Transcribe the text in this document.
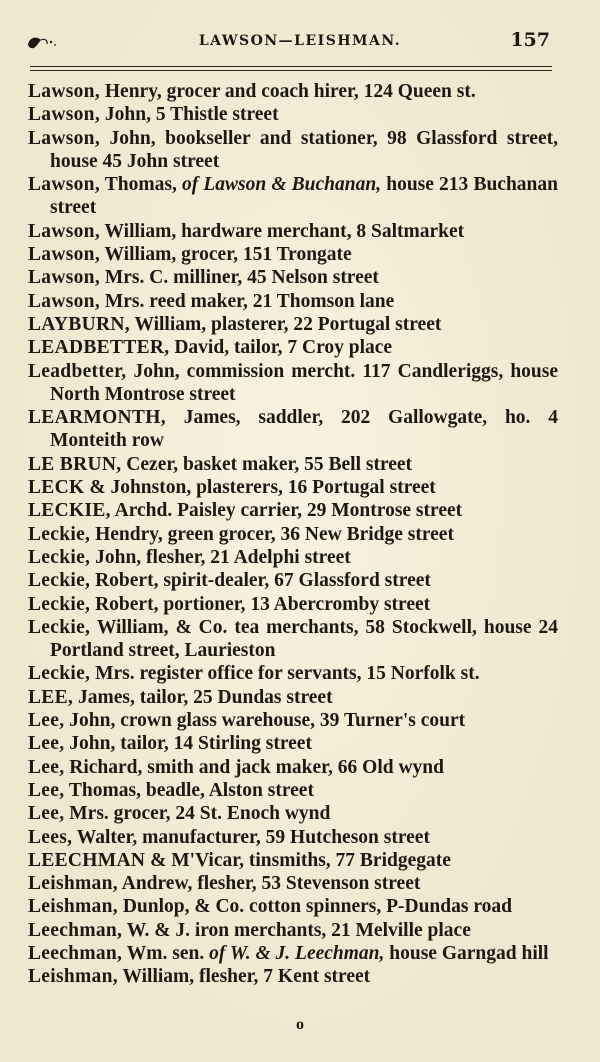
LAWSON—LEISHMAN.	157
Lawson, Henry, grocer and coach hirer, 124 Queen st.
Lawson, John, 5 Thistle street
Lawson, John, bookseller and stationer, 98 Glassford street, house 45 John street
Lawson, Thomas, of Lawson & Buchanan, house 213 Buchanan street
Lawson, William, hardware merchant, 8 Saltmarket
Lawson, William, grocer, 151 Trongate
Lawson, Mrs. C. milliner, 45 Nelson street
Lawson, Mrs. reed maker, 21 Thomson lane
LAYBURN, William, plasterer, 22 Portugal street
LEADBETTER, David, tailor, 7 Croy place
Leadbetter, John, commission mercht. 117 Candleriggs, house North Montrose street
LEARMONTH, James, saddler, 202 Gallowgate, ho. 4 Monteith row
LE BRUN, Cezer, basket maker, 55 Bell street
LECK & Johnston, plasterers, 16 Portugal street
LECKIE, Archd. Paisley carrier, 29 Montrose street
Leckie, Hendry, green grocer, 36 New Bridge street
Leckie, John, flesher, 21 Adelphi street
Leckie, Robert, spirit-dealer, 67 Glassford street
Leckie, Robert, portioner, 13 Abercromby street
Leckie, William, & Co. tea merchants, 58 Stockwell, house 24 Portland street, Laurieston
Leckie, Mrs. register office for servants, 15 Norfolk st.
LEE, James, tailor, 25 Dundas street
Lee, John, crown glass warehouse, 39 Turner's court
Lee, John, tailor, 14 Stirling street
Lee, Richard, smith and jack maker, 66 Old wynd
Lee, Thomas, beadle, Alston street
Lee, Mrs. grocer, 24 St. Enoch wynd
Lees, Walter, manufacturer, 59 Hutcheson street
LEECHMAN & M'Vicar, tinsmiths, 77 Bridgegate
Leishman, Andrew, flesher, 53 Stevenson street
Leishman, Dunlop, & Co. cotton spinners, P-Dundas road
Leechman, W. & J. iron merchants, 21 Melville place
Leechman, Wm. sen. of W. & J. Leechman, house Garngad hill
Leishman, William, flesher, 7 Kent street
o
